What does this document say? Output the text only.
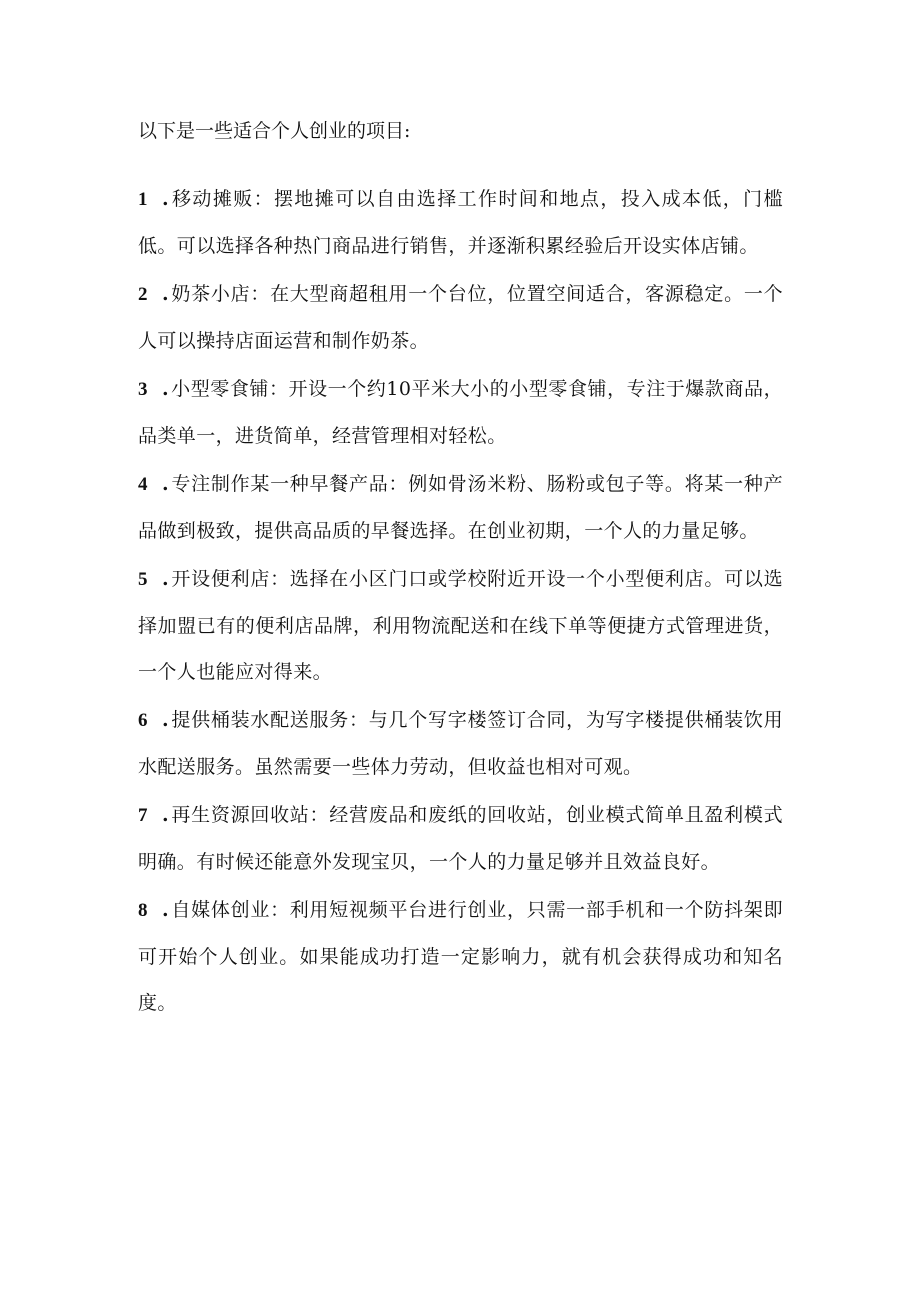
以下是一些适合个人创业的项目:

1 . 移动摊贩：摆地摊可以自由选择工作时间和地点，投入成本低，门槛低。可以选择各种热门商品进行销售，并逐渐积累经验后开设实体店铺。

2 . 奶茶小店：在大型商超租用一个台位，位置空间适合，客源稳定。一个人可以操持店面运营和制作奶茶。

3 . 小型零食铺：开设一个约10平米大小的小型零食铺，专注于爆款商品，品类单一，进货简单，经营管理相对轻松。

4 . 专注制作某一种早餐产品：例如骨汤米粉、肠粉或包子等。将某一种产品做到极致，提供高品质的早餐选择。在创业初期，一个人的力量足够。

5 . 开设便利店：选择在小区门口或学校附近开设一个小型便利店。可以选择加盟已有的便利店品牌，利用物流配送和在线下单等便捷方式管理进货，一个人也能应对得来。

6 . 提供桶装水配送服务：与几个写字楼签订合同，为写字楼提供桶装饮用水配送服务。虽然需要一些体力劳动，但收益也相对可观。

7 . 再生资源回收站：经营废品和废纸的回收站，创业模式简单且盈利模式明确。有时候还能意外发现宝贝，一个人的力量足够并且效益良好。

8 . 自媒体创业：利用短视频平台进行创业，只需一部手机和一个防抖架即可开始个人创业。如果能成功打造一定影响力，就有机会获得成功和知名度。
